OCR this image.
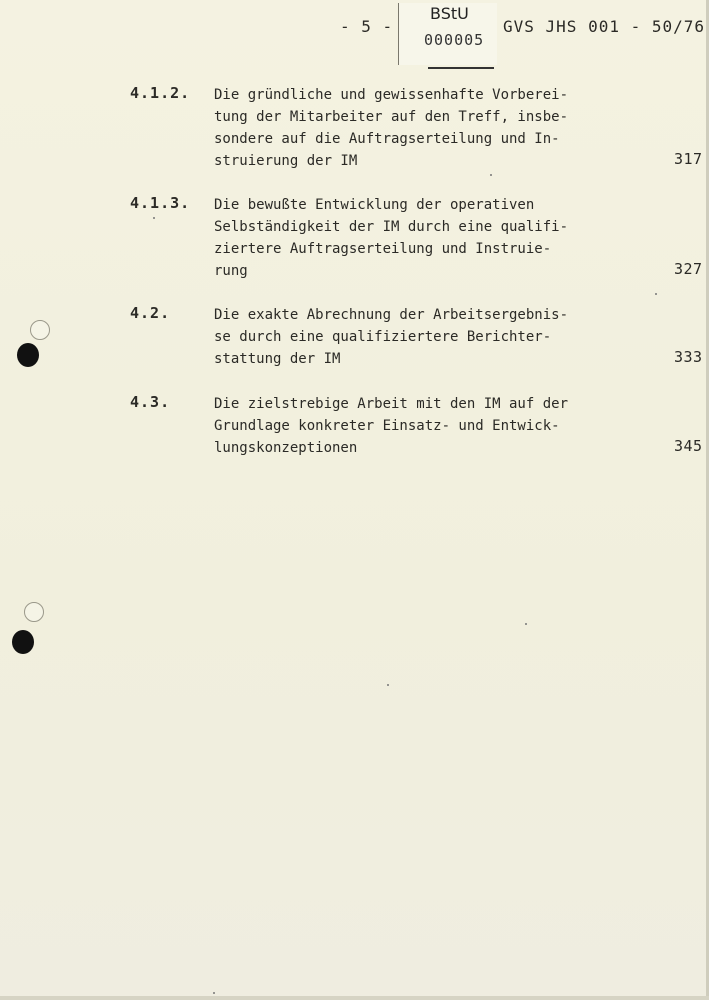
- 5 -
BStU
000005
GVS JHS 001 - 50/76
4.1.2. Die gründliche und gewissenhafte Vorberei-
tung der Mitarbeiter auf den Treff, insbe-
sondere auf die Auftragserteilung und In-
struierung der IM	317
4.1.3. Die bewußte Entwicklung der operativen
Selbständigkeit der IM durch eine qualifi-
ziertere Auftragserteilung und Instruie-
rung	327
4.2.	Die exakte Abrechnung der Arbeitsergebnis-
se durch eine qualifiziertere Berichter-
stattung der IM	333
4.3.	Die zielstrebige Arbeit mit den IM auf der
Grundlage konkreter Einsatz- und Entwick-
lungskonzeptionen	345
